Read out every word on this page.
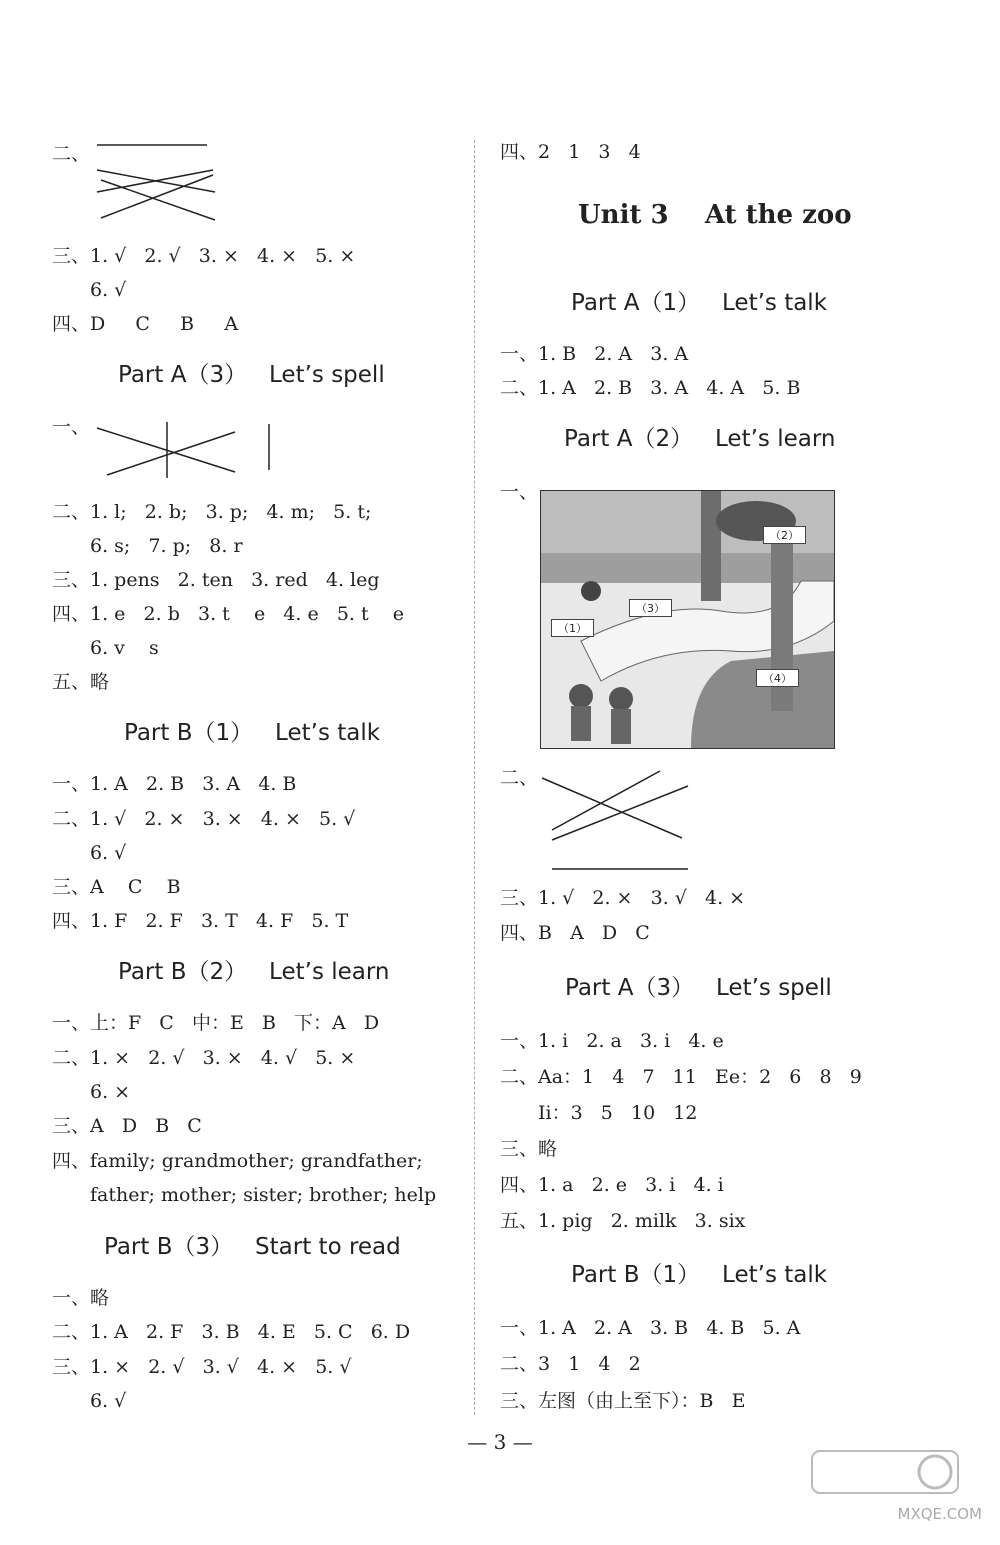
二、
三、1. √   2. √   3. ×   4. ×   5. ×
6. √
四、D     C     B     A
Part A（3）   Let’s spell
一、
二、1. l;   2. b;   3. p;   4. m;   5. t;
6. s;   7. p;   8. r
三、1. pens   2. ten   3. red   4. leg
四、1. e   2. b   3. t    e   4. e   5. t    e
6. v    s
五、略
Part B（1）   Let’s talk
一、1. A   2. B   3. A   4. B
二、1. √   2. ×   3. ×   4. ×   5. √
6. √
三、A    C    B
四、1. F   2. F   3. T   4. F   5. T
Part B（2）   Let’s learn
一、上：F   C   中：E   B   下：A   D
二、1. ×   2. √   3. ×   4. √   5. ×
6. ×
三、A   D   B   C
四、family; grandmother; grandfather;
father; mother; sister; brother; help
Part B（3）   Start to read
一、略
二、1. A   2. F   3. B   4. E   5. C   6. D
三、1. ×   2. √   3. √   4. ×   5. √
6. √
四、2   1   3   4
Unit 3    At the zoo
Part A（1）   Let’s talk
一、1. B   2. A   3. A
二、1. A   2. B   3. A   4. A   5. B
Part A（2）   Let’s learn
一、
（1）
（2）
（3）
（4）
二、
三、1. √   2. ×   3. √   4. ×
四、B   A   D   C
Part A（3）   Let’s spell
一、1. i   2. a   3. i   4. e
二、Aa：1   4   7   11   Ee：2   6   8   9
Ii：3   5   10   12
三、略
四、1. a   2. e   3. i   4. i
五、1. pig   2. milk   3. six
Part B（1）   Let’s talk
一、1. A   2. A   3. B   4. B   5. A
二、3   1   4   2
三、左图（由上至下）：B   E
— 3 —
MXQE.COM
